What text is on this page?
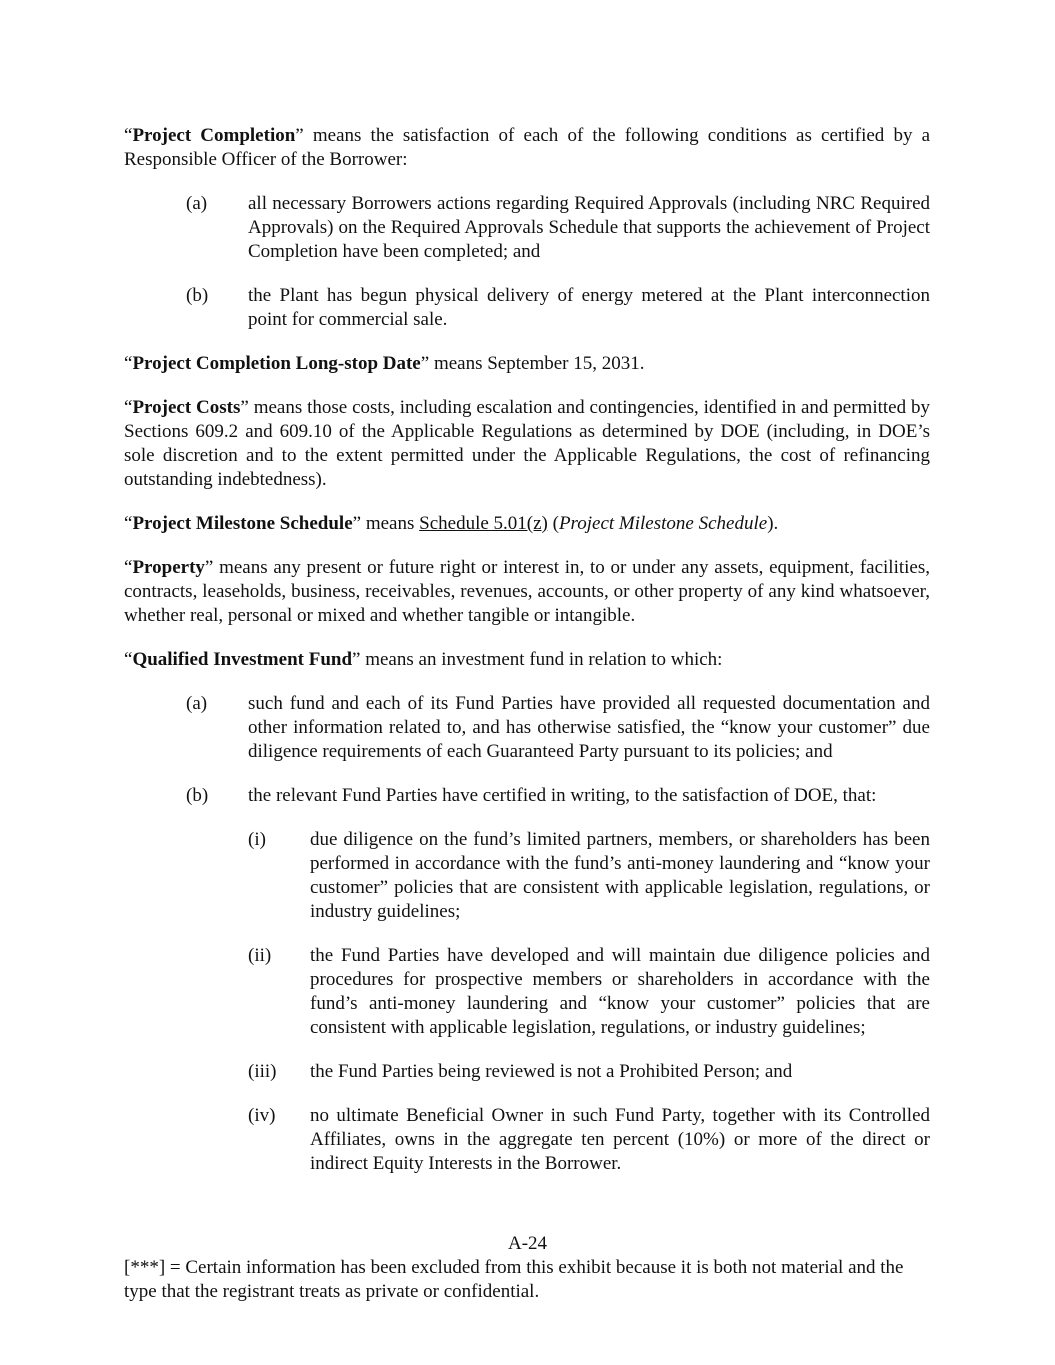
“Project Completion” means the satisfaction of each of the following conditions as certified by a Responsible Officer of the Borrower:

(a) all necessary Borrowers actions regarding Required Approvals (including NRC Required Approvals) on the Required Approvals Schedule that supports the achievement of Project Completion have been completed; and
(b) the Plant has begun physical delivery of energy metered at the Plant interconnection point for commercial sale.

“Project Completion Long-stop Date” means September 15, 2031.

“Project Costs” means those costs, including escalation and contingencies, identified in and permitted by Sections 609.2 and 609.10 of the Applicable Regulations as determined by DOE (including, in DOE’s sole discretion and to the extent permitted under the Applicable Regulations, the cost of refinancing outstanding indebtedness).

“Project Milestone Schedule” means Schedule 5.01(z) (Project Milestone Schedule).

“Property” means any present or future right or interest in, to or under any assets, equipment, facilities, contracts, leaseholds, business, receivables, revenues, accounts, or other property of any kind whatsoever, whether real, personal or mixed and whether tangible or intangible.

“Qualified Investment Fund” means an investment fund in relation to which:

(a) such fund and each of its Fund Parties have provided all requested documentation and other information related to, and has otherwise satisfied, the “know your customer” due diligence requirements of each Guaranteed Party pursuant to its policies; and
(b) the relevant Fund Parties have certified in writing, to the satisfaction of DOE, that:
(i) due diligence on the fund’s limited partners, members, or shareholders has been performed in accordance with the fund’s anti-money laundering and “know your customer” policies that are consistent with applicable legislation, regulations, or industry guidelines;
(ii) the Fund Parties have developed and will maintain due diligence policies and procedures for prospective members or shareholders in accordance with the fund’s anti-money laundering and “know your customer” policies that are consistent with applicable legislation, regulations, or industry guidelines;
(iii) the Fund Parties being reviewed is not a Prohibited Person; and
(iv) no ultimate Beneficial Owner in such Fund Party, together with its Controlled Affiliates, owns in the aggregate ten percent (10%) or more of the direct or indirect Equity Interests in the Borrower.
A-24
[***] = Certain information has been excluded from this exhibit because it is both not material and the type that the registrant treats as private or confidential.
